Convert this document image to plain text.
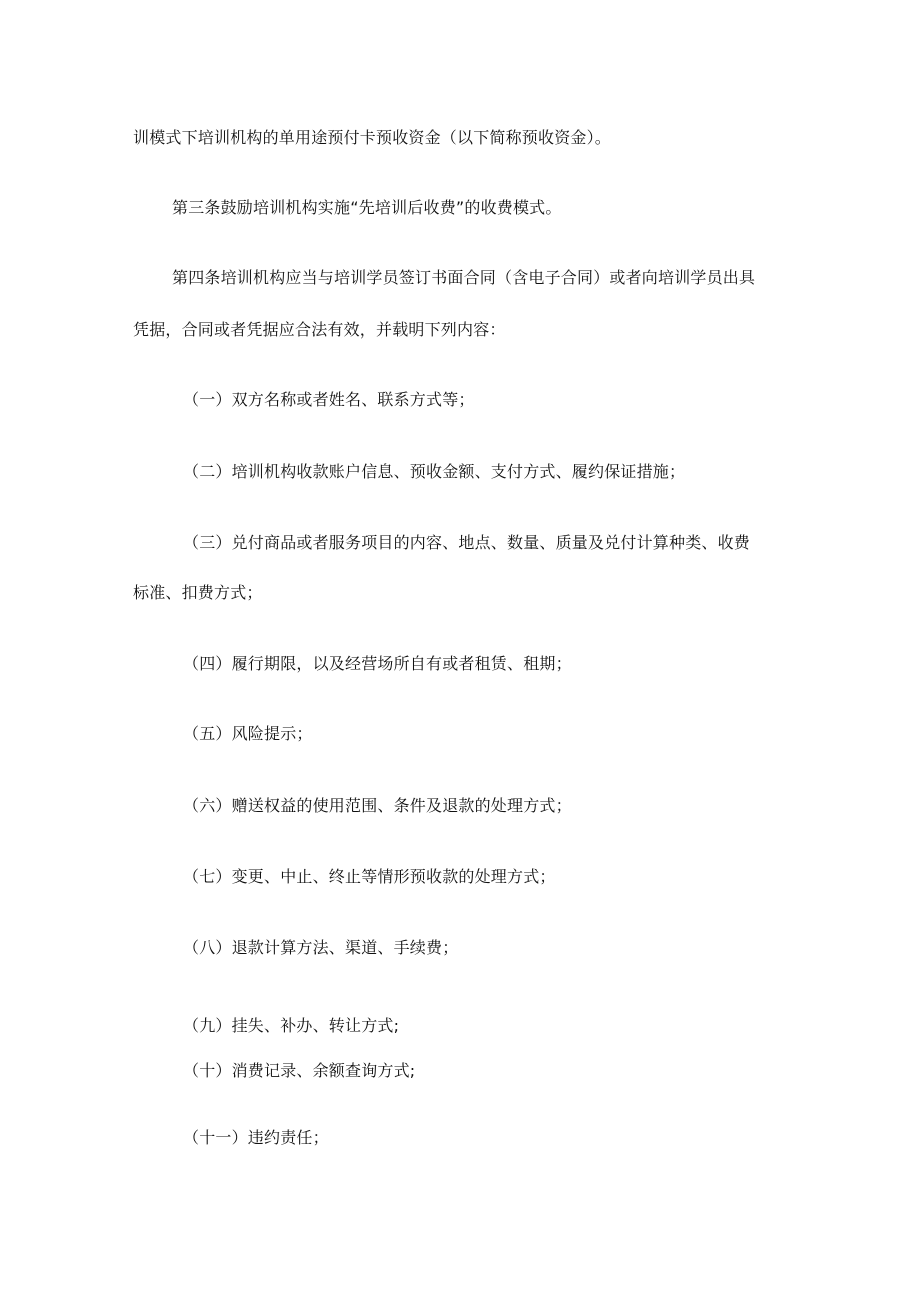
训模式下培训机构的单用途预付卡预收资金（以下简称预收资金）。
第三条鼓励培训机构实施“先培训后收费”的收费模式。
第四条培训机构应当与培训学员签订书面合同（含电子合同）或者向培训学员出具
凭据，合同或者凭据应合法有效，并载明下列内容：
（一）双方名称或者姓名、联系方式等；
（二）培训机构收款账户信息、预收金额、支付方式、履约保证措施；
（三）兑付商品或者服务项目的内容、地点、数量、质量及兑付计算种类、收费
标准、扣费方式；
（四）履行期限，以及经营场所自有或者租赁、租期；
（五）风险提示；
（六）赠送权益的使用范围、条件及退款的处理方式；
（七）变更、中止、终止等情形预收款的处理方式；
（八）退款计算方法、渠道、手续费；
（九）挂失、补办、转让方式;
（十）消费记录、余额查询方式;
（十一）违约责任；
